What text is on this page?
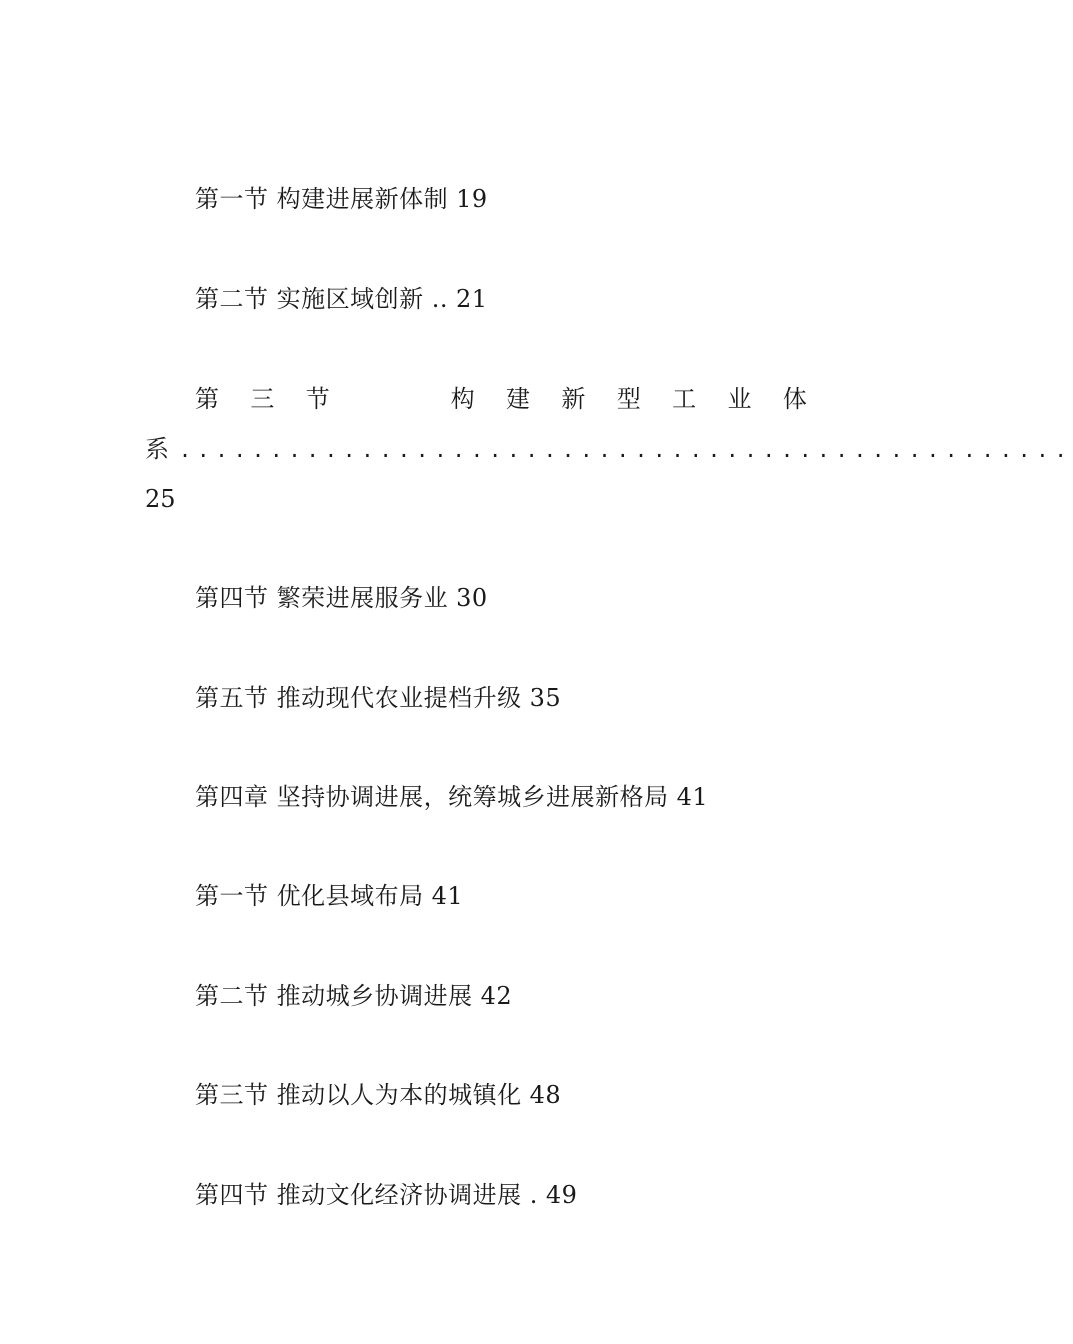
第一节 构建进展新体制 19
第二节 实施区域创新 .. 21
第 三 节	构 建 新 型 工 业 体
系 .................................................
25
第四节 繁荣进展服务业 30
第五节 推动现代农业提档升级 35
第四章 坚持协调进展，统筹城乡进展新格局 41
第一节 优化县域布局 41
第二节 推动城乡协调进展 42
第三节 推动以人为本的城镇化 48
第四节 推动文化经济协调进展 . 49
